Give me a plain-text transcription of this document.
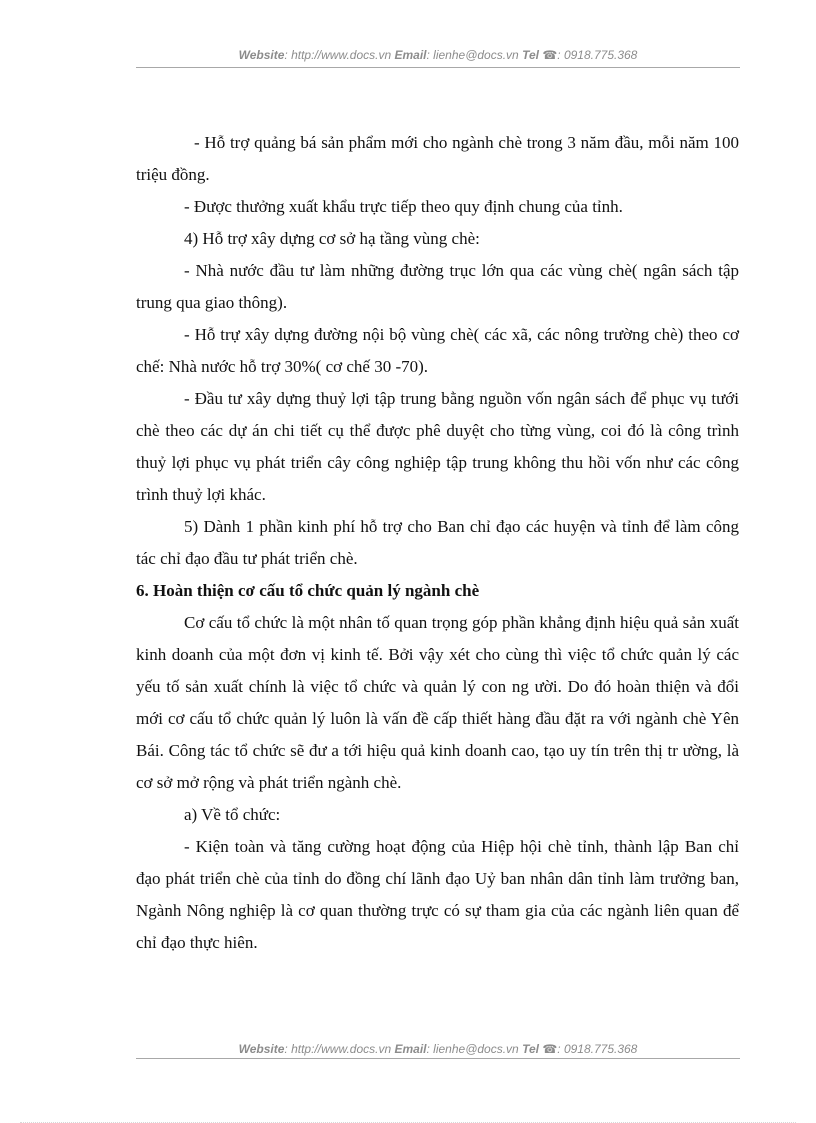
Website: http://www.docs.vn Email: lienhe@docs.vn Tel ☎: 0918.775.368

- Hỗ trợ quảng bá sản phẩm mới cho ngành chè trong 3 năm đầu, mỗi năm 100 triệu đồng.

- Được thưởng xuất khẩu trực tiếp theo quy định chung của tỉnh.

4) Hỗ trợ xây dựng cơ sở hạ tầng vùng chè:

- Nhà nước đầu tư làm những đường trục lớn qua các vùng chè( ngân sách tập trung qua giao thông).

- Hỗ trự xây dựng đường nội bộ vùng chè( các xã, các nông trường chè) theo cơ chế: Nhà nước hỗ trợ 30%( cơ chế 30 -70).

- Đầu tư xây dựng thuỷ lợi tập trung bằng nguồn vốn ngân sách để phục vụ tưới chè theo các dự án chi tiết cụ thể được phê duyệt cho từng vùng, coi đó là công trình thuỷ lợi phục vụ phát triển cây công nghiệp tập trung không thu hồi vốn như các công trình thuỷ lợi khác.

5) Dành 1 phần kinh phí hỗ trợ cho Ban chỉ đạo các huyện và tỉnh để làm công tác chỉ đạo đầu tư phát triển chè.

6. Hoàn thiện cơ cấu tổ chức quản lý ngành chè

Cơ cấu tổ chức là một nhân tố quan trọng góp phần khẳng định hiệu quả sản xuất kinh doanh của một đơn vị kinh tế. Bởi vậy xét cho cùng thì việc tổ chức quản lý các yếu tố sản xuất chính là việc tổ chức và quản lý con ng ười. Do đó hoàn thiện và đổi mới cơ cấu tổ chức quản lý luôn là vấn đề cấp thiết hàng đầu đặt ra với ngành chè Yên Bái. Công tác tổ chức sẽ đư a tới hiệu quả kinh doanh cao, tạo uy tín trên thị tr ường, là cơ sở mở rộng và phát triển ngành chè.

a) Về tổ chức:

- Kiện toàn và tăng cường hoạt động của Hiệp hội chè tỉnh, thành lập Ban chỉ đạo phát triển chè của tỉnh do đồng chí lãnh đạo Uỷ ban nhân dân tỉnh làm trưởng ban, Ngành Nông nghiệp là cơ quan thường trực có sự tham gia của các ngành liên quan để chỉ đạo thực hiên.

Website: http://www.docs.vn Email: lienhe@docs.vn Tel ☎: 0918.775.368
